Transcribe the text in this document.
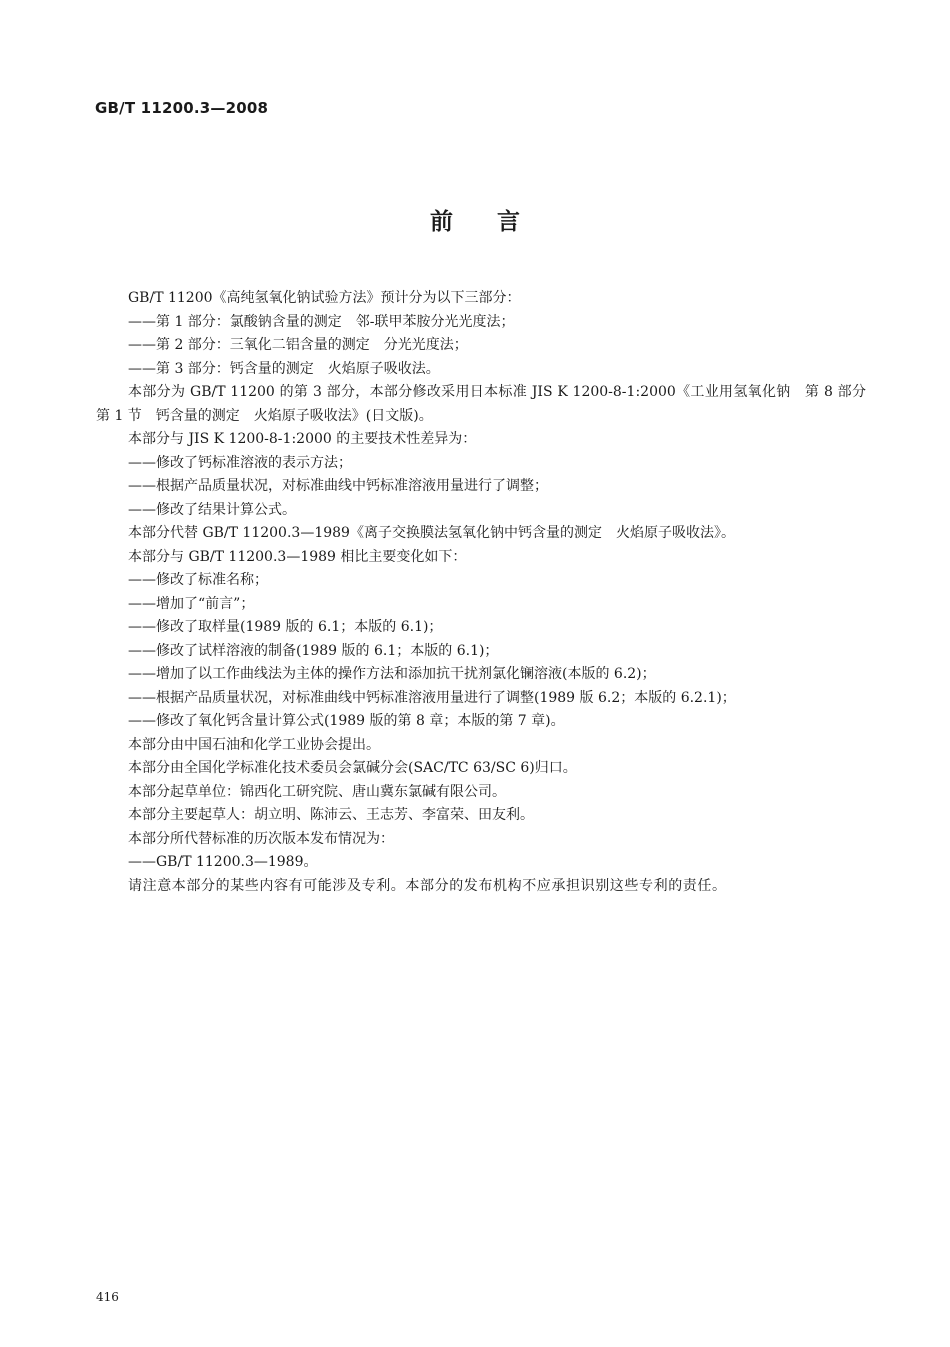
GB/T 11200.3—2008
前 言

GB/T 11200《高纯氢氧化钠试验方法》预计分为以下三部分：

——第 1 部分：氯酸钠含量的测定　邻-联甲苯胺分光光度法；

——第 2 部分：三氧化二铝含量的测定　分光光度法；

——第 3 部分：钙含量的测定　火焰原子吸收法。

本部分为 GB/T 11200 的第 3 部分，本部分修改采用日本标准 JIS K 1200-8-1:2000《工业用氢氧化钠　第 8 部分　第 1 节　钙含量的测定　火焰原子吸收法》(日文版)。

本部分与 JIS K 1200-8-1:2000 的主要技术性差异为：

——修改了钙标准溶液的表示方法；

——根据产品质量状况，对标准曲线中钙标准溶液用量进行了调整；

——修改了结果计算公式。

本部分代替 GB/T 11200.3—1989《离子交换膜法氢氧化钠中钙含量的测定　火焰原子吸收法》。

本部分与 GB/T 11200.3—1989 相比主要变化如下：

——修改了标准名称；

——增加了“前言”；

——修改了取样量(1989 版的 6.1；本版的 6.1)；

——修改了试样溶液的制备(1989 版的 6.1；本版的 6.1)；

——增加了以工作曲线法为主体的操作方法和添加抗干扰剂氯化镧溶液(本版的 6.2)；

——根据产品质量状况，对标准曲线中钙标准溶液用量进行了调整(1989 版 6.2；本版的 6.2.1)；

——修改了氧化钙含量计算公式(1989 版的第 8 章；本版的第 7 章)。

本部分由中国石油和化学工业协会提出。

本部分由全国化学标准化技术委员会氯碱分会(SAC/TC 63/SC 6)归口。

本部分起草单位：锦西化工研究院、唐山冀东氯碱有限公司。

本部分主要起草人：胡立明、陈沛云、王志芳、李富荣、田友利。

本部分所代替标准的历次版本发布情况为：

——GB/T 11200.3—1989。

请注意本部分的某些内容有可能涉及专利。本部分的发布机构不应承担识别这些专利的责任。

416
